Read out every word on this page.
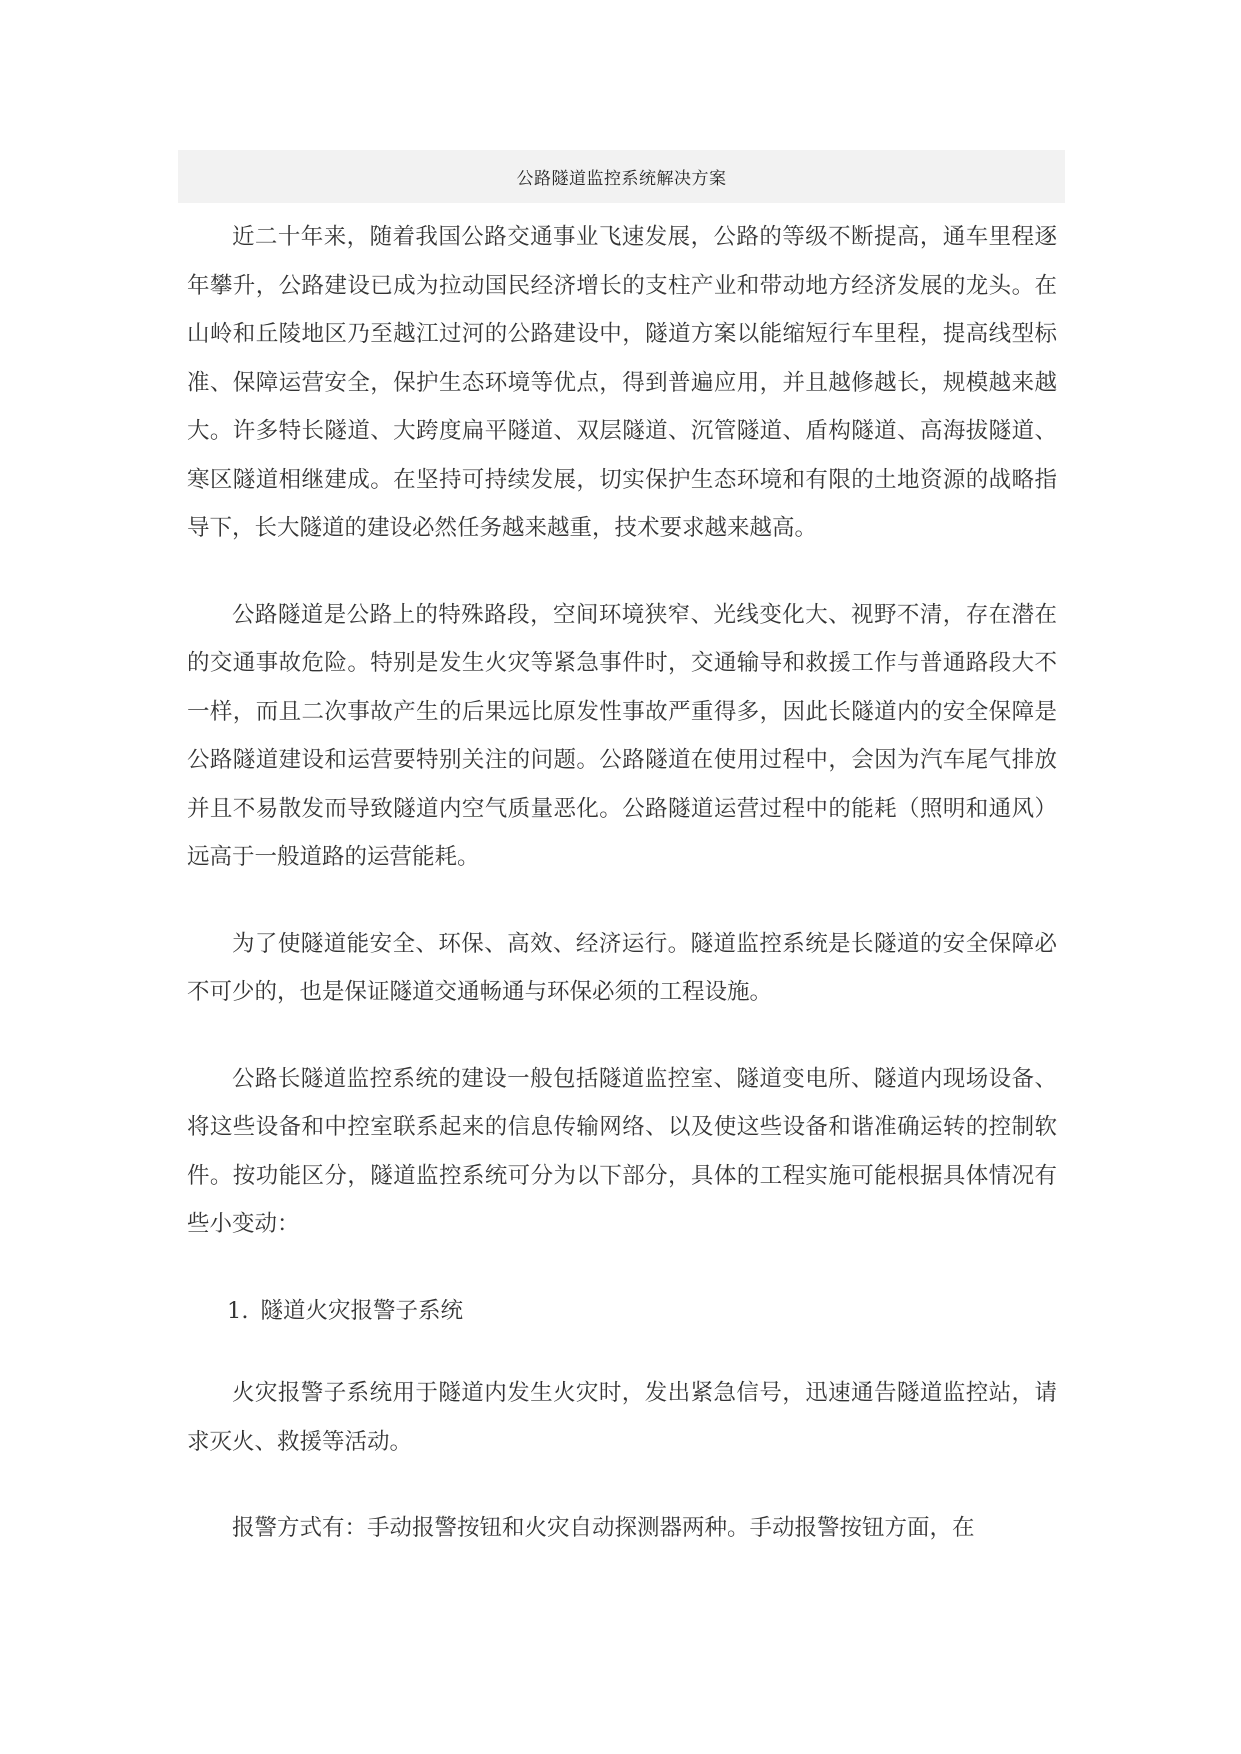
公路隧道监控系统解决方案

近二十年来，随着我国公路交通事业飞速发展，公路的等级不断提高，通车里程逐年攀升，公路建设已成为拉动国民经济增长的支柱产业和带动地方经济发展的龙头。在山岭和丘陵地区乃至越江过河的公路建设中，隧道方案以能缩短行车里程，提高线型标准、保障运营安全，保护生态环境等优点，得到普遍应用，并且越修越长，规模越来越大。许多特长隧道、大跨度扁平隧道、双层隧道、沉管隧道、盾构隧道、高海拔隧道、寒区隧道相继建成。在坚持可持续发展，切实保护生态环境和有限的土地资源的战略指导下，长大隧道的建设必然任务越来越重，技术要求越来越高。

公路隧道是公路上的特殊路段，空间环境狭窄、光线变化大、视野不清，存在潜在的交通事故危险。特别是发生火灾等紧急事件时，交通输导和救援工作与普通路段大不一样，而且二次事故产生的后果远比原发性事故严重得多，因此长隧道内的安全保障是公路隧道建设和运营要特别关注的问题。公路隧道在使用过程中，会因为汽车尾气排放并且不易散发而导致隧道内空气质量恶化。公路隧道运营过程中的能耗（照明和通风）远高于一般道路的运营能耗。

为了使隧道能安全、环保、高效、经济运行。隧道监控系统是长隧道的安全保障必不可少的，也是保证隧道交通畅通与环保必须的工程设施。

公路长隧道监控系统的建设一般包括隧道监控室、隧道变电所、隧道内现场设备、将这些设备和中控室联系起来的信息传输网络、以及使这些设备和谐准确运转的控制软件。按功能区分，隧道监控系统可分为以下部分，具体的工程实施可能根据具体情况有些小变动：

1. 隧道火灾报警子系统

火灾报警子系统用于隧道内发生火灾时，发出紧急信号，迅速通告隧道监控站，请求灭火、救援等活动。

报警方式有：手动报警按钮和火灾自动探测器两种。手动报警按钮方面，在
